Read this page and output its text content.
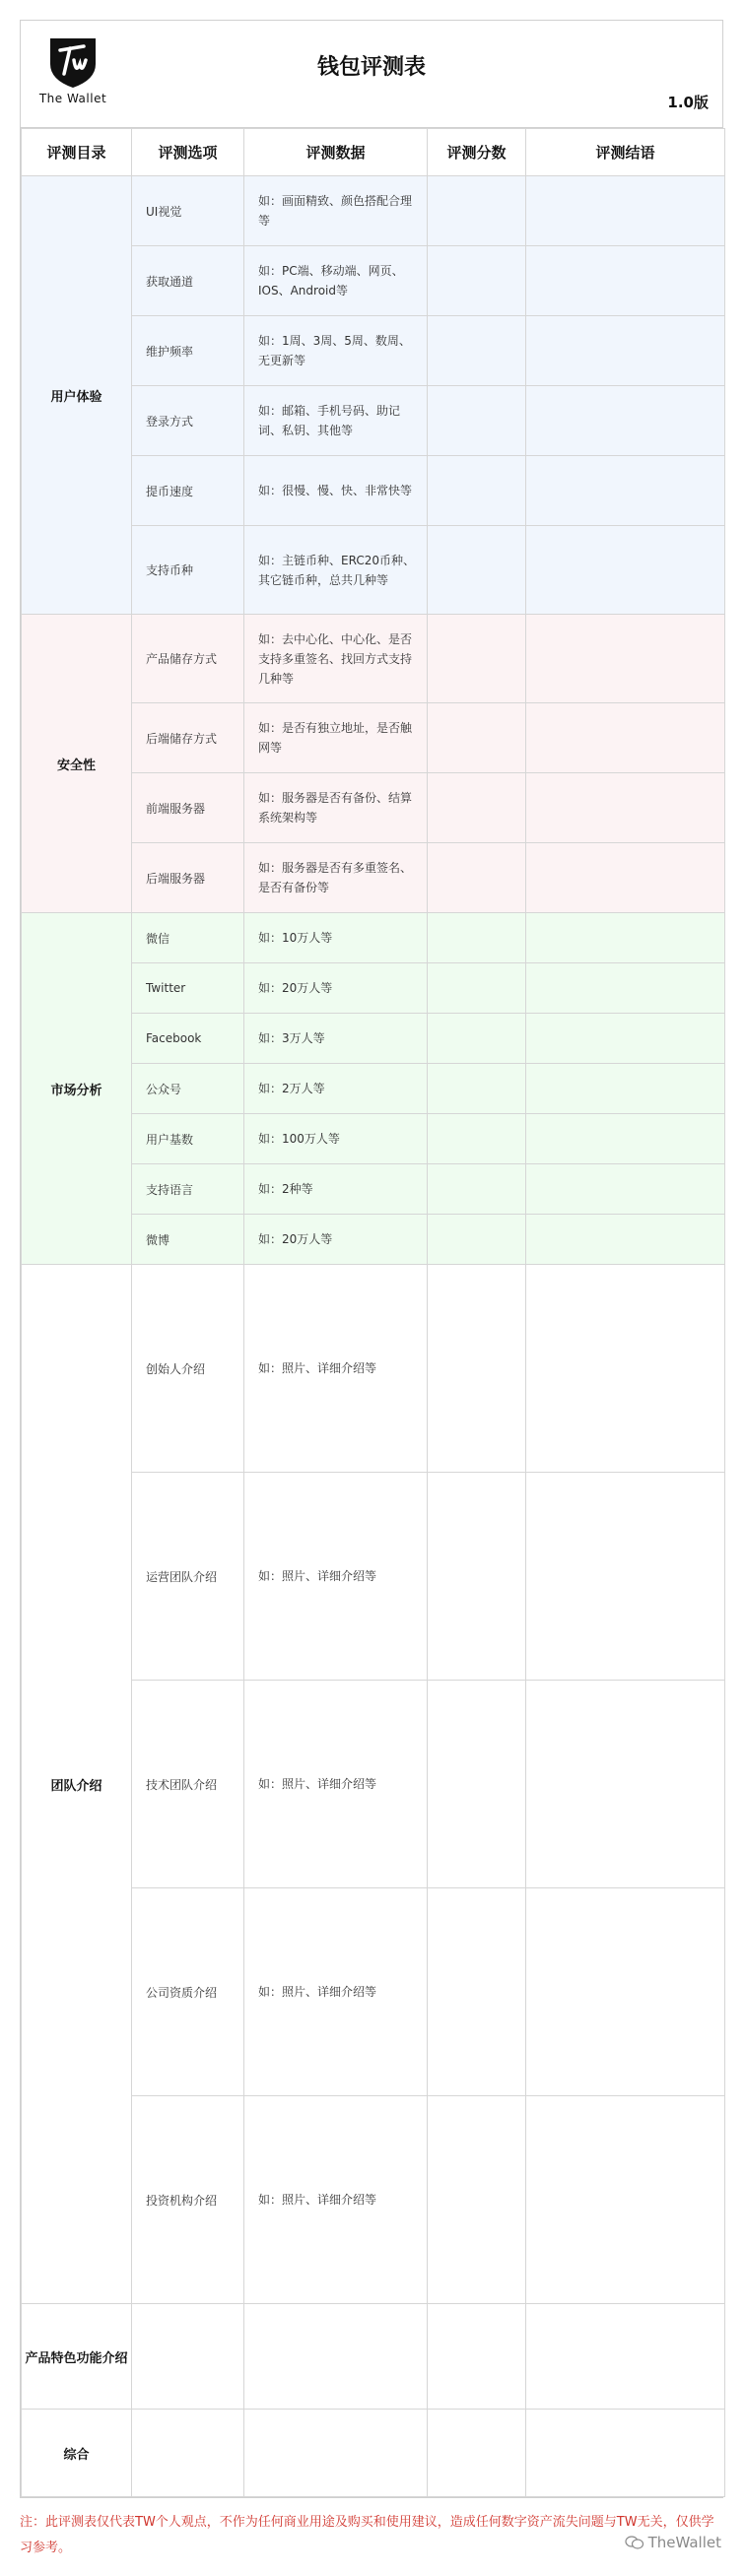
The Wallet
钱包评测表
1.0版
评测目录	评测选项	评测数据	评测分数	评测结语
用户体验	UI视觉	如：画面精致、颜色搭配合理等		
	获取通道	如：PC端、移动端、网页、IOS、Android等		
	维护频率	如：1周、3周、5周、数周、无更新等		
	登录方式	如：邮箱、手机号码、助记词、私钥、其他等		
	提币速度	如：很慢、慢、快、非常快等		
	支持币种	如：主链币种、ERC20币种、其它链币种，总共几种等		
安全性	产品储存方式	如：去中心化、中心化、是否支持多重签名、找回方式支持几种等		
	后端储存方式	如：是否有独立地址，是否触网等		
	前端服务器	如：服务器是否有备份、结算系统架构等		
	后端服务器	如：服务器是否有多重签名、是否有备份等		
市场分析	微信	如：10万人等		
	Twitter	如：20万人等		
	Facebook	如：3万人等		
	公众号	如：2万人等		
	用户基数	如：100万人等		
	支持语言	如：2种等		
	微博	如：20万人等		
团队介绍	创始人介绍	如：照片、详细介绍等		
	运营团队介绍	如：照片、详细介绍等		
	技术团队介绍	如：照片、详细介绍等		
	公司资质介绍	如：照片、详细介绍等		
	投资机构介绍	如：照片、详细介绍等		
产品特色功能介绍				
综合				
注：此评测表仅代表TW个人观点，不作为任何商业用途及购买和使用建议，造成任何数字资产流失问题与TW无关，仅供学习参考。	TheWallet
